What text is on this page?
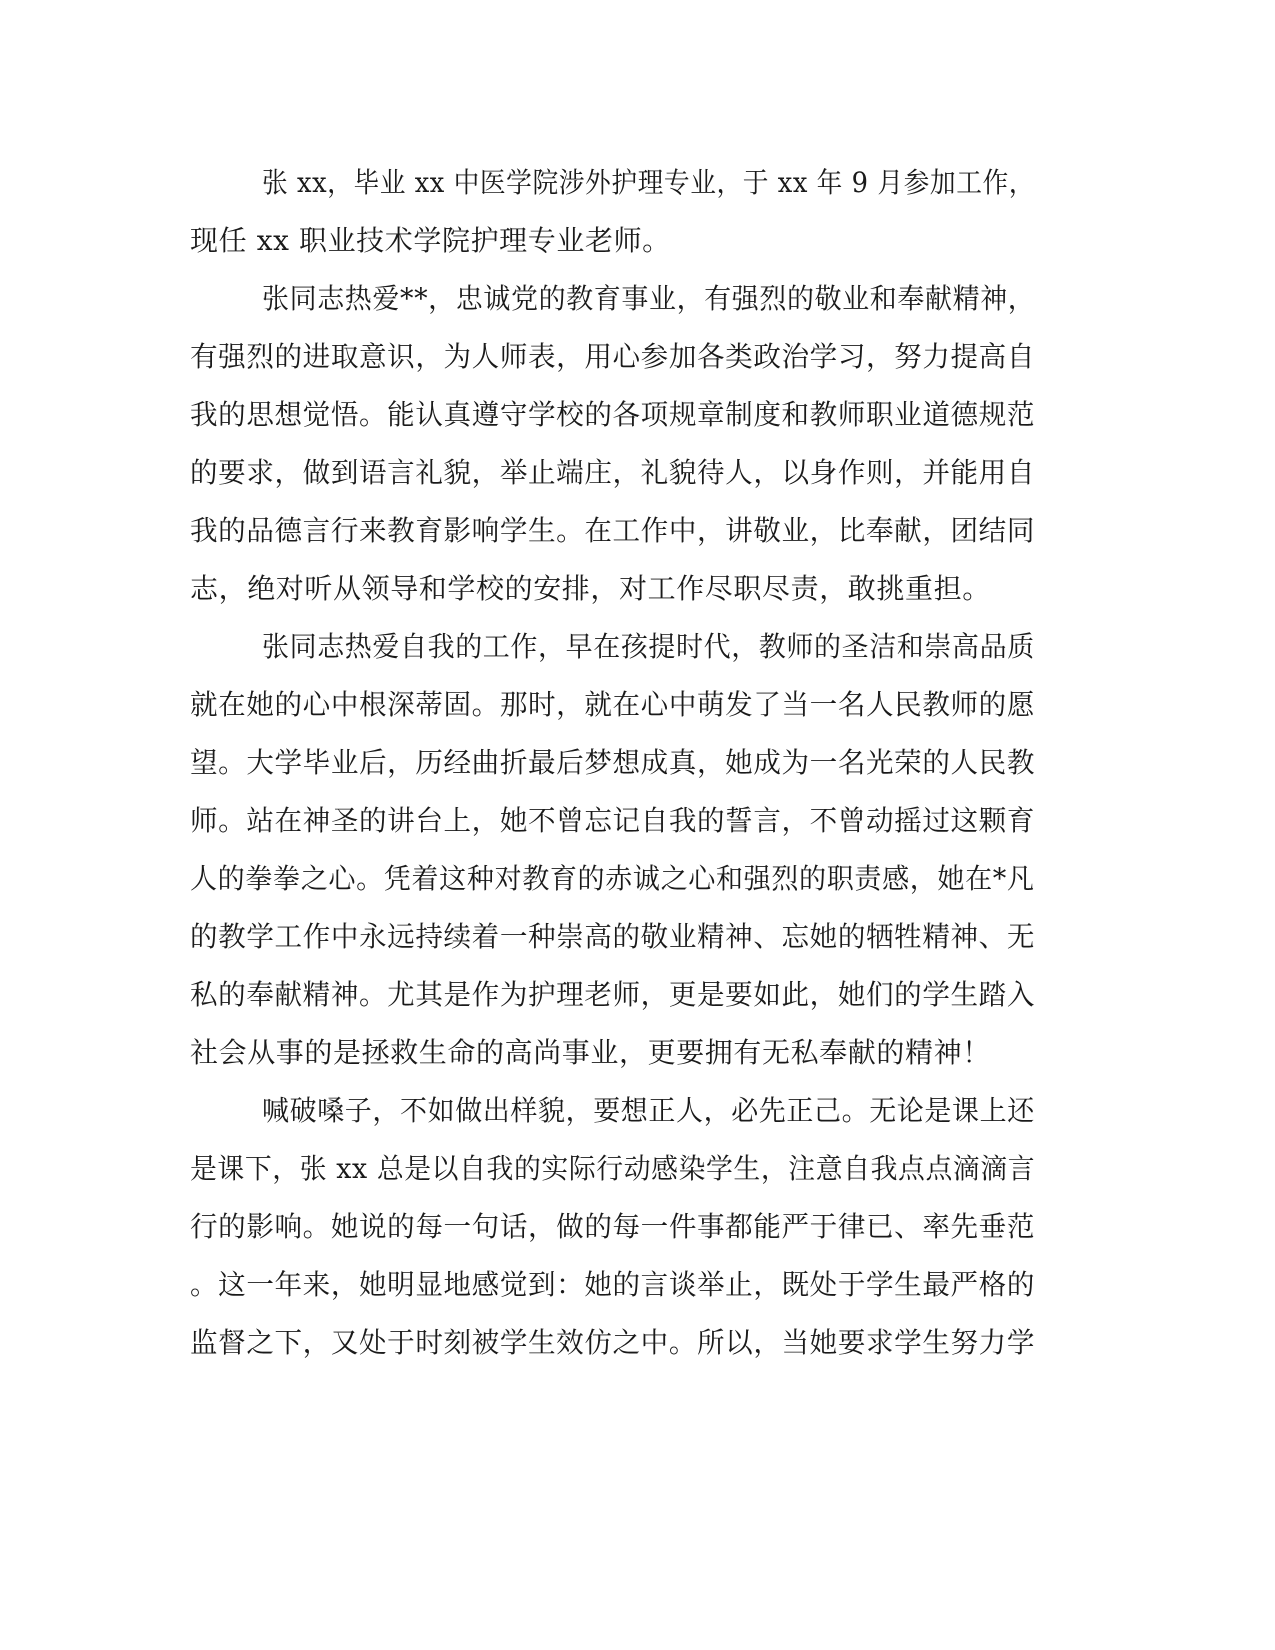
张 xx，毕业 xx 中医学院涉外护理专业，于 xx 年 9 月参加工作，
现任 xx 职业技术学院护理专业老师。
张同志热爱**，忠诚党的教育事业，有强烈的敬业和奉献精神，
有强烈的进取意识，为人师表，用心参加各类政治学习，努力提高自
我的思想觉悟。能认真遵守学校的各项规章制度和教师职业道德规范
的要求，做到语言礼貌，举止端庄，礼貌待人，以身作则，并能用自
我的品德言行来教育影响学生。在工作中，讲敬业，比奉献，团结同
志，绝对听从领导和学校的安排，对工作尽职尽责，敢挑重担。
张同志热爱自我的工作，早在孩提时代，教师的圣洁和崇高品质
就在她的心中根深蒂固。那时，就在心中萌发了当一名人民教师的愿
望。大学毕业后，历经曲折最后梦想成真，她成为一名光荣的人民教
师。站在神圣的讲台上，她不曾忘记自我的誓言，不曾动摇过这颗育
人的拳拳之心。凭着这种对教育的赤诚之心和强烈的职责感，她在*凡
的教学工作中永远持续着一种崇高的敬业精神、忘她的牺牲精神、无
私的奉献精神。尤其是作为护理老师，更是要如此，她们的学生踏入
社会从事的是拯救生命的高尚事业，更要拥有无私奉献的精神！
喊破嗓子，不如做出样貌，要想正人，必先正己。无论是课上还
是课下，张 xx 总是以自我的实际行动感染学生，注意自我点点滴滴言
行的影响。她说的每一句话，做的每一件事都能严于律已、率先垂范
。这一年来，她明显地感觉到：她的言谈举止，既处于学生最严格的
监督之下，又处于时刻被学生效仿之中。所以，当她要求学生努力学
